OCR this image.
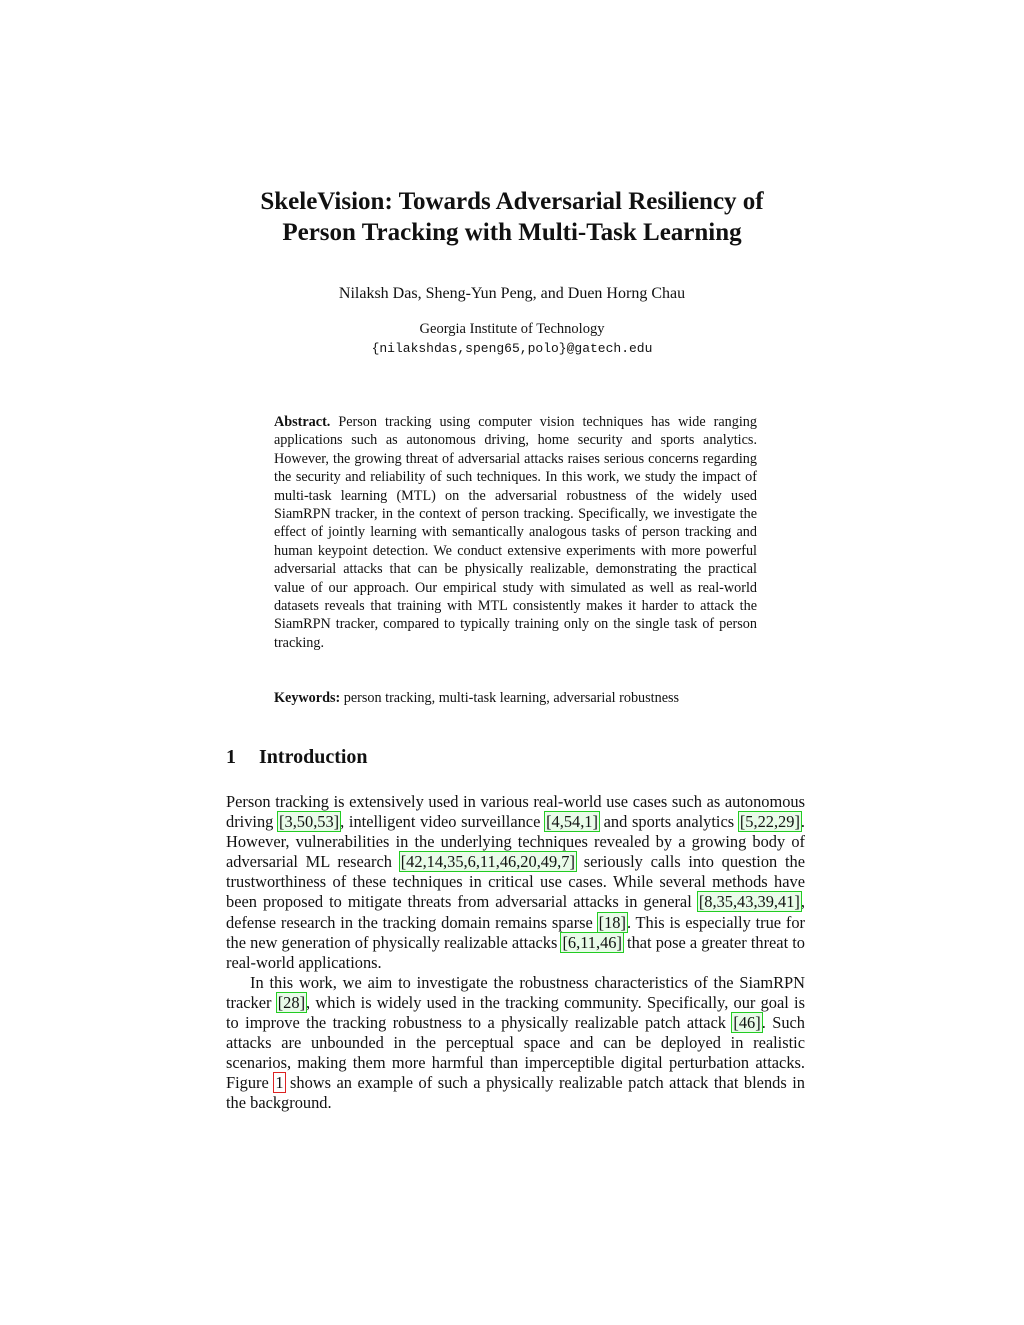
SkeleVision: Towards Adversarial Resiliency of
Person Tracking with Multi-Task Learning
Nilaksh Das, Sheng-Yun Peng, and Duen Horng Chau
Georgia Institute of Technology
{nilakshdas,speng65,polo}@gatech.edu
Abstract. Person tracking using computer vision techniques has wide ranging applications such as autonomous driving, home security and sports analytics. However, the growing threat of adversarial attacks raises serious concerns regarding the security and reliability of such techniques. In this work, we study the impact of multi-task learning (MTL) on the adversarial robustness of the widely used SiamRPN tracker, in the context of person tracking. Specifically, we investigate the effect of jointly learning with semantically analogous tasks of person tracking and human keypoint detection. We conduct extensive experiments with more powerful adversarial attacks that can be physically realizable, demonstrating the practical value of our approach. Our empirical study with simulated as well as real-world datasets reveals that training with MTL consistently makes it harder to attack the SiamRPN tracker, compared to typically training only on the single task of person tracking.
Keywords: person tracking, multi-task learning, adversarial robustness
1 Introduction

Person tracking is extensively used in various real-world use cases such as autonomous driving [3,50,53], intelligent video surveillance [4,54,1] and sports analytics [5,22,29]. However, vulnerabilities in the underlying techniques revealed by a growing body of adversarial ML research [42,14,35,6,11,46,20,49,7] seriously calls into question the trustworthiness of these techniques in critical use cases. While several methods have been proposed to mitigate threats from adversarial attacks in general [8,35,43,39,41], defense research in the tracking domain remains sparse [18]. This is especially true for the new generation of physically realizable attacks [6,11,46] that pose a greater threat to real-world applications.

In this work, we aim to investigate the robustness characteristics of the SiamRPN tracker [28], which is widely used in the tracking community. Specifically, our goal is to improve the tracking robustness to a physically realizable patch attack [46]. Such attacks are unbounded in the perceptual space and can be deployed in realistic scenarios, making them more harmful than imperceptible digital perturbation attacks. Figure 1 shows an example of such a physically realizable patch attack that blends in the background.
